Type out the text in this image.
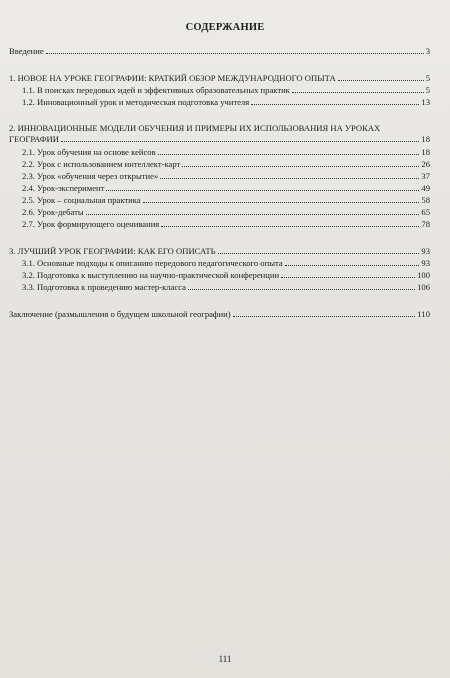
СОДЕРЖАНИЕ
Введение	3
1. НОВОЕ НА УРОКЕ ГЕОГРАФИИ: КРАТКИЙ ОБЗОР МЕЖДУНАРОДНОГО ОПЫТА	5
1.1. В поисках передовых идей и эффективных образовательных практик	5
1.2. Инновационный урок и методическая подготовка учителя	13
2. ИННОВАЦИОННЫЕ МОДЕЛИ ОБУЧЕНИЯ И ПРИМЕРЫ ИХ ИСПОЛЬЗОВАНИЯ НА УРОКАХ
ГЕОГРАФИИ	18
2.1. Урок обучения на основе кейсов	18
2.2. Урок с использованием интеллект-карт	26
2.3. Урок «обучения через открытие»	37
2.4. Урок-эксперимент	49
2.5. Урок – социальная практика	58
2.6. Урок-дебаты	65
2.7. Урок формирующего оценивания	78
3. ЛУЧШИЙ УРОК ГЕОГРАФИИ: КАК ЕГО ОПИСАТЬ	93
3.1. Основные подходы к описанию передового педагогического опыта	93
3.2. Подготовка к выступлению на научно-практической конференции	100
3.3. Подготовка к проведению мастер-класса	106
Заключение (размышления о будущем школьной географии)	110
111
